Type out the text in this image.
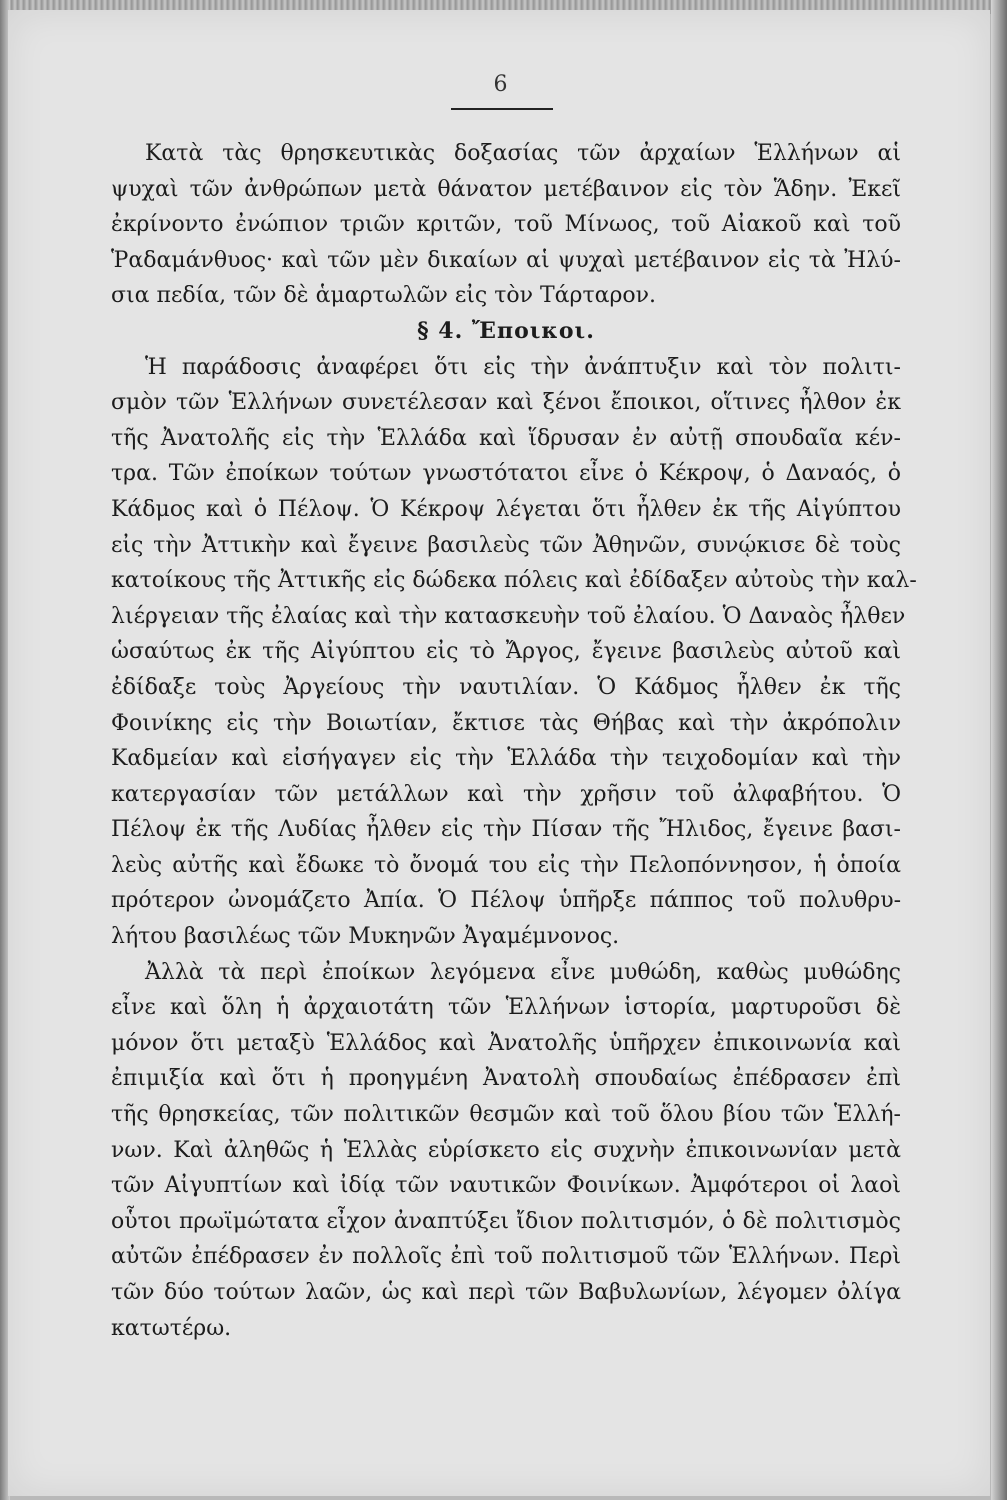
6
Κατὰ τὰς θρησκευτικὰς δοξασίας τῶν ἀρχαίων Ἑλλήνων αἱ
ψυχαὶ τῶν ἀνθρώπων μετὰ θάνατον μετέβαινον εἰς τὸν Ἅδην. Ἐκεῖ
ἐκρίνοντο ἐνώπιον τριῶν κριτῶν, τοῦ Μίνωος, τοῦ Αἰακοῦ καὶ τοῦ
Ῥαδαμάνθυος· καὶ τῶν μὲν δικαίων αἱ ψυχαὶ μετέβαινον εἰς τὰ Ἠλύ-
σια πεδία, τῶν δὲ ἁμαρτωλῶν εἰς τὸν Τάρταρον.
§ 4. Ἔποικοι.
Ἡ παράδοσις ἀναφέρει ὅτι εἰς τὴν ἀνάπτυξιν καὶ τὸν πολιτι-
σμὸν τῶν Ἑλλήνων συνετέλεσαν καὶ ξένοι ἔποικοι, οἵτινες ἦλθον ἐκ
τῆς Ἀνατολῆς εἰς τὴν Ἑλλάδα καὶ ἵδρυσαν ἐν αὐτῇ σπουδαῖα κέν-
τρα. Τῶν ἐποίκων τούτων γνωστότατοι εἶνε ὁ Κέκροψ, ὁ Δαναός, ὁ
Κάδμος καὶ ὁ Πέλοψ. Ὁ Κέκροψ λέγεται ὅτι ἦλθεν ἐκ τῆς Αἰγύπτου
εἰς τὴν Ἀττικὴν καὶ ἔγεινε βασιλεὺς τῶν Ἀθηνῶν, συνῴκισε δὲ τοὺς
κατοίκους τῆς Ἀττικῆς εἰς δώδεκα πόλεις καὶ ἐδίδαξεν αὐτοὺς τὴν καλ-
λιέργειαν τῆς ἐλαίας καὶ τὴν κατασκευὴν τοῦ ἐλαίου. Ὁ Δαναὸς ἦλθεν
ὡσαύτως ἐκ τῆς Αἰγύπτου εἰς τὸ Ἄργος, ἔγεινε βασιλεὺς αὐτοῦ καὶ
ἐδίδαξε τοὺς Ἀργείους τὴν ναυτιλίαν. Ὁ Κάδμος ἦλθεν ἐκ τῆς
Φοινίκης εἰς τὴν Βοιωτίαν, ἔκτισε τὰς Θήβας καὶ τὴν ἀκρόπολιν
Καδμείαν καὶ εἰσήγαγεν εἰς τὴν Ἑλλάδα τὴν τειχοδομίαν καὶ τὴν
κατεργασίαν τῶν μετάλλων καὶ τὴν χρῆσιν τοῦ ἀλφαβήτου. Ὁ
Πέλοψ ἐκ τῆς Λυδίας ἦλθεν εἰς τὴν Πίσαν τῆς Ἤλιδος, ἔγεινε βασι-
λεὺς αὐτῆς καὶ ἔδωκε τὸ ὄνομά του εἰς τὴν Πελοπόννησον, ἡ ὁποία
πρότερον ὠνομάζετο Ἀπία. Ὁ Πέλοψ ὑπῆρξε πάππος τοῦ πολυθρυ-
λήτου βασιλέως τῶν Μυκηνῶν Ἀγαμέμνονος.
Ἀλλὰ τὰ περὶ ἐποίκων λεγόμενα εἶνε μυθώδη, καθὼς μυθώδης
εἶνε καὶ ὅλη ἡ ἀρχαιοτάτη τῶν Ἑλλήνων ἱστορία, μαρτυροῦσι δὲ
μόνον ὅτι μεταξὺ Ἑλλάδος καὶ Ἀνατολῆς ὑπῆρχεν ἐπικοινωνία καὶ
ἐπιμιξία καὶ ὅτι ἡ προηγμένη Ἀνατολὴ σπουδαίως ἐπέδρασεν ἐπὶ
τῆς θρησκείας, τῶν πολιτικῶν θεσμῶν καὶ τοῦ ὅλου βίου τῶν Ἑλλή-
νων. Καὶ ἀληθῶς ἡ Ἑλλὰς εὑρίσκετο εἰς συχνὴν ἐπικοινωνίαν μετὰ
τῶν Αἰγυπτίων καὶ ἰδίᾳ τῶν ναυτικῶν Φοινίκων. Ἀμφότεροι οἱ λαοὶ
οὗτοι πρωϊμώτατα εἶχον ἀναπτύξει ἴδιον πολιτισμόν, ὁ δὲ πολιτισμὸς
αὐτῶν ἐπέδρασεν ἐν πολλοῖς ἐπὶ τοῦ πολιτισμοῦ τῶν Ἑλλήνων. Περὶ
τῶν δύο τούτων λαῶν, ὡς καὶ περὶ τῶν Βαβυλωνίων, λέγομεν ὀλίγα
κατωτέρω.
